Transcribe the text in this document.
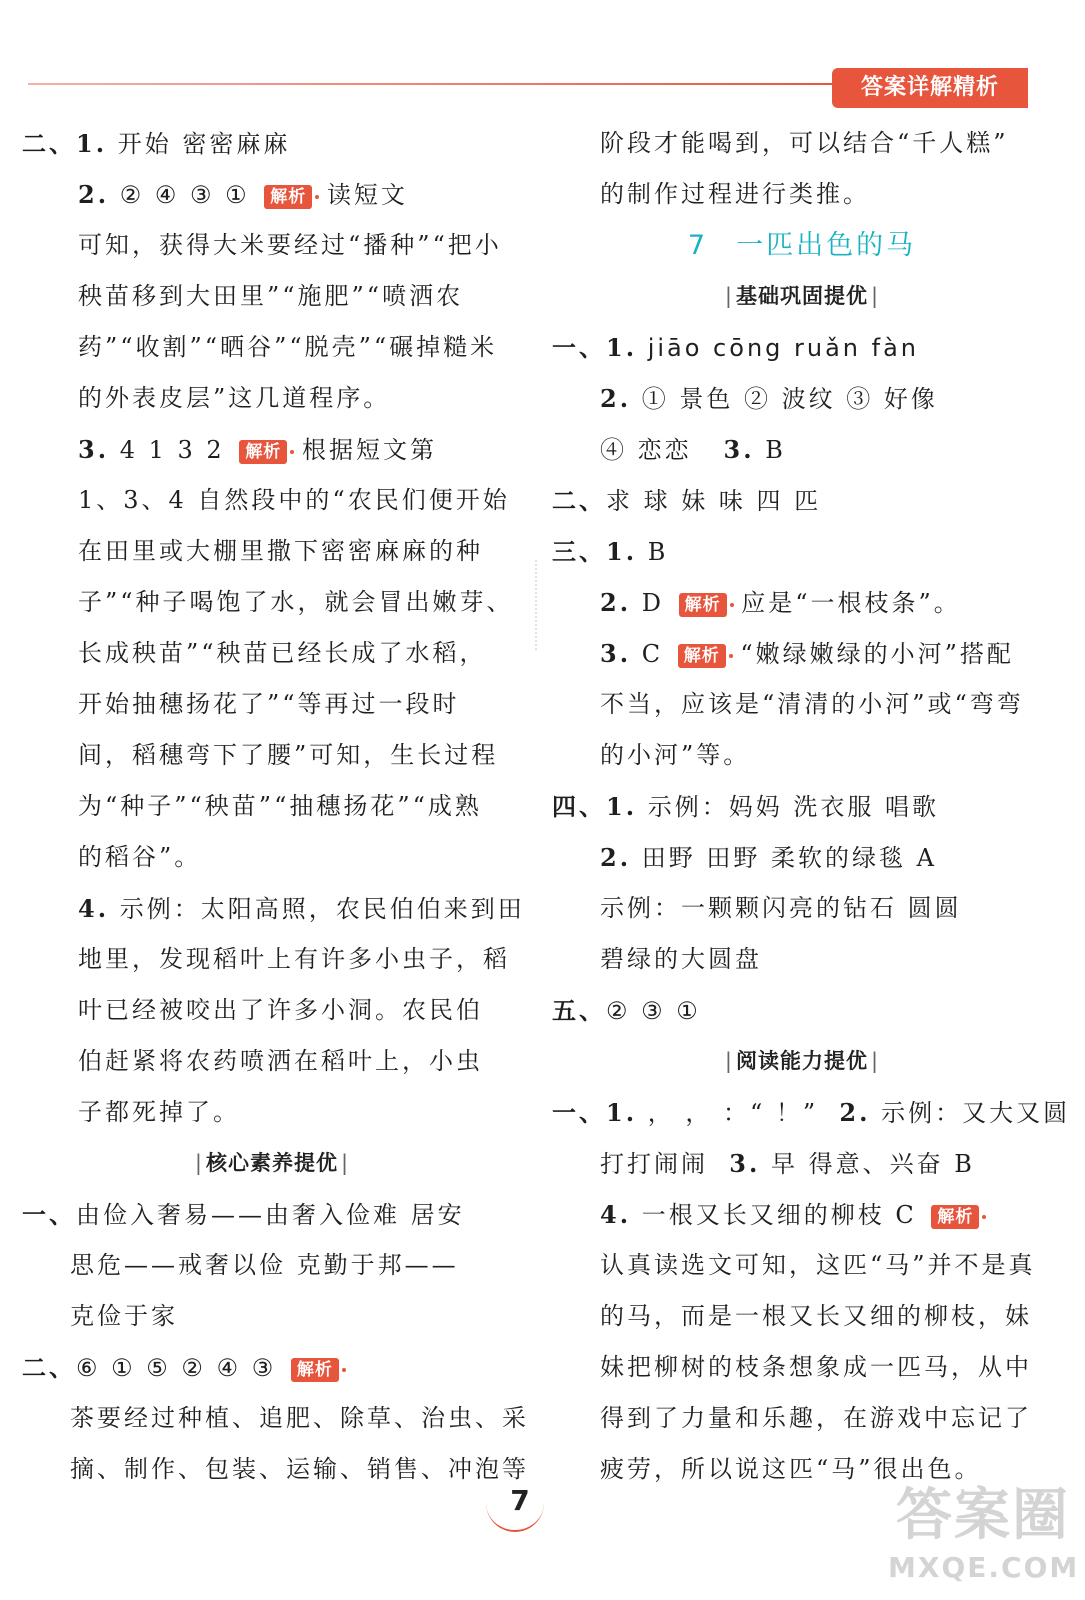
答案详解精析
二、1. 开始 密密麻麻
2. ② ④ ③ ① 解析 读短文
可知，获得大米要经过“播种”“把小
秧苗移到大田里”“施肥”“喷洒农
药”“收割”“晒谷”“脱壳”“碾掉糙米
的外表皮层”这几道程序。
3. 4 1 3 2 解析 根据短文第
1、3、4 自然段中的“农民们便开始
在田里或大棚里撒下密密麻麻的种
子”“种子喝饱了水，就会冒出嫩芽、
长成秧苗”“秧苗已经长成了水稻，
开始抽穗扬花了”“等再过一段时
间，稻穗弯下了腰”可知，生长过程
为“种子”“秧苗”“抽穗扬花”“成熟
的稻谷”。
4. 示例：太阳高照，农民伯伯来到田
地里，发现稻叶上有许多小虫子，稻
叶已经被咬出了许多小洞。农民伯
伯赶紧将农药喷洒在稻叶上，小虫
子都死掉了。
| 核心素养提优 |
一、由俭入奢易——由奢入俭难 居安
思危——戒奢以俭 克勤于邦——
克俭于家
二、⑥ ① ⑤ ② ④ ③ 解析
茶要经过种植、追肥、除草、治虫、采
摘、制作、包装、运输、销售、冲泡等
阶段才能喝到，可以结合“千人糕”
的制作过程进行类推。
7 一匹出色的马
| 基础巩固提优 |
一、1. jiāo cōng ruǎn fàn
2. ① 景色 ② 波纹 ③ 好像
④ 恋恋 3. B
二、求 球 妹 味 四 匹
三、1. B
2. D 解析 应是“一根枝条”。
3. C 解析 “嫩绿嫩绿的小河”搭配
不当，应该是“清清的小河”或“弯弯
的小河”等。
四、1. 示例：妈妈 洗衣服 唱歌
2. 田野 田野 柔软的绿毯 A
示例：一颗颗闪亮的钻石 圆圆
碧绿的大圆盘
五、② ③ ①
| 阅读能力提优 |
一、1. ， ， ：“ ！” 2. 示例：又大又圆
打打闹闹 3. 早 得意、兴奋 B
4. 一根又长又细的柳枝 C 解析
认真读选文可知，这匹“马”并不是真
的马，而是一根又长又细的柳枝，妹
妹把柳树的枝条想象成一匹马，从中
得到了力量和乐趣，在游戏中忘记了
疲劳，所以说这匹“马”很出色。
7	答案圈
MXQE.COM
